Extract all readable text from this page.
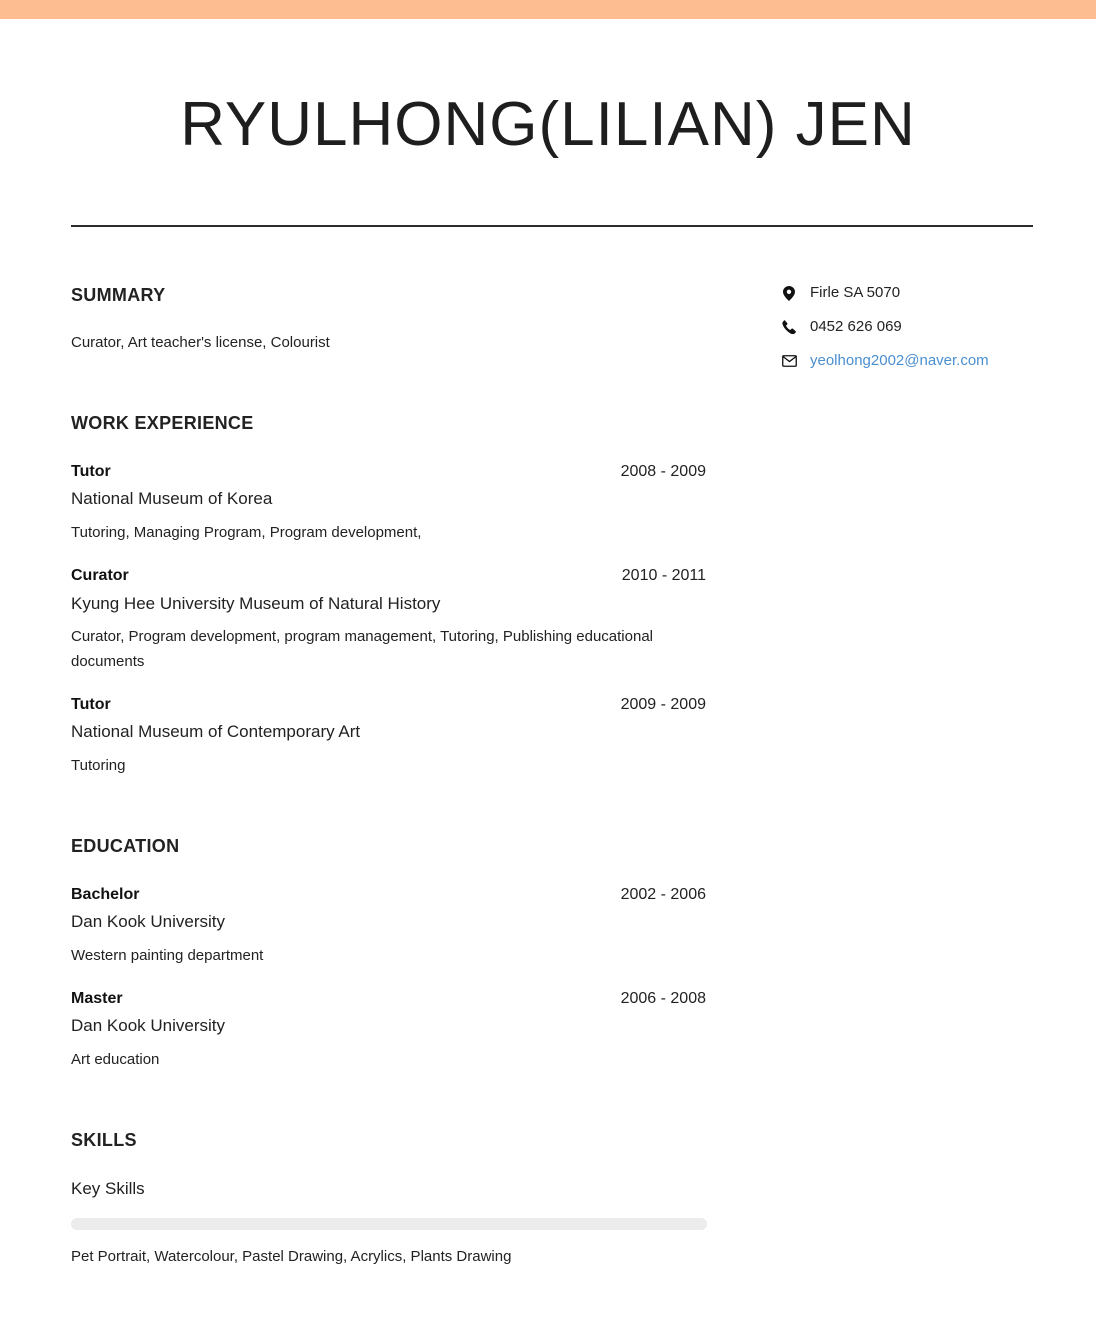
RYULHONG(LILIAN) JEN
Firle SA 5070
0452 626 069
yeolhong2002@naver.com
SUMMARY

Curator, Art teacher's license, Colourist

WORK EXPERIENCE
Tutor	2008 - 2009
National Museum of Korea

Tutoring, Managing Program, Program development,

Curator	2010 - 2011
Kyung Hee University Museum of Natural History

Curator, Program development, program management, Tutoring, Publishing educational documents

Tutor	2009 - 2009
National Museum of Contemporary Art

Tutoring

EDUCATION
Bachelor	2002 - 2006
Dan Kook University

Western painting department

Master	2006 - 2008
Dan Kook University

Art education

SKILLS
Key Skills

Pet Portrait, Watercolour, Pastel Drawing, Acrylics, Plants Drawing
